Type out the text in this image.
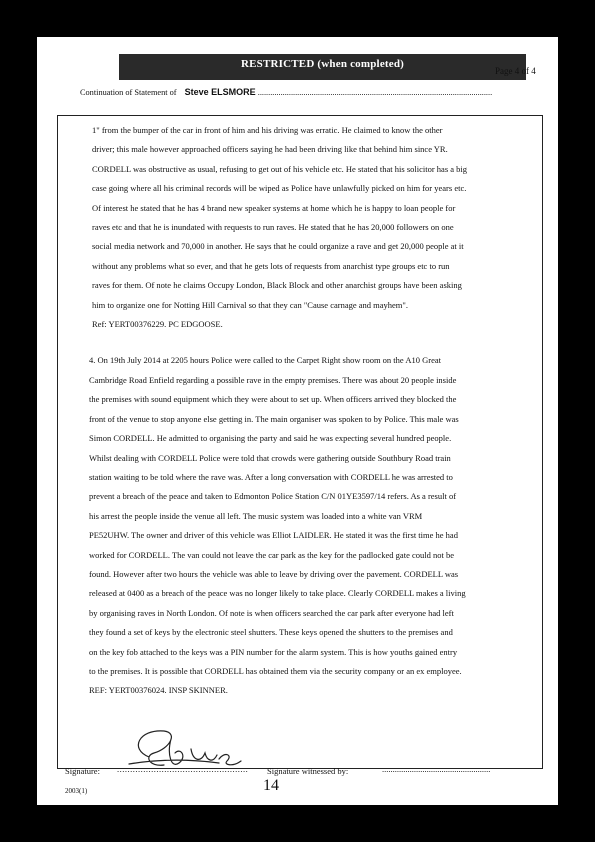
RESTRICTED (when completed)
Page 4 of 4
Continuation of Statement of Steve ELSMORE .................................................................................................................
1" from the bumper of the car in front of him and his driving was erratic. He claimed to know the other
driver; this male however approached officers saying he had been driving like that behind him since YR.
CORDELL was obstructive as usual, refusing to get out of his vehicle etc. He stated that his solicitor has a big
case going where all his criminal records will be wiped as Police have unlawfully picked on him for years etc.
Of interest he stated that he has 4 brand new speaker systems at home which he is happy to loan people for
raves etc and that he is inundated with requests to run raves. He stated that he has 20,000 followers on one
social media network and 70,000 in another. He says that he could organize a rave and get 20,000 people at it
without any problems what so ever, and that he gets lots of requests from anarchist type groups etc to run
raves for them. Of note he claims Occupy London, Black Block and other anarchist groups have been asking
him to organize one for Notting Hill Carnival so that they can "Cause carnage and mayhem".
Ref: YERT00376229. PC EDGOOSE.
4. On 19th July 2014 at 2205 hours Police were called to the Carpet Right show room on the A10 Great
Cambridge Road Enfield regarding a possible rave in the empty premises. There was about 20 people inside
the premises with sound equipment which they were about to set up. When officers arrived they blocked the
front of the venue to stop anyone else getting in. The main organiser was spoken to by Police. This male was
Simon CORDELL. He admitted to organising the party and said he was expecting several hundred people.
Whilst dealing with CORDELL Police were told that crowds were gathering outside Southbury Road train
station waiting to be told where the rave was. After a long conversation with CORDELL he was arrested to
prevent a breach of the peace and taken to Edmonton Police Station C/N 01YE3597/14 refers. As a result of
his arrest the people inside the venue all left. The music system was loaded into a white van VRM
PE52UHW. The owner and driver of this vehicle was Elliot LAIDLER. He stated it was the first time he had
worked for CORDELL. The van could not leave the car park as the key for the padlocked gate could not be
found. However after two hours the vehicle was able to leave by driving over the pavement. CORDELL was
released at 0400 as a breach of the peace was no longer likely to take place. Clearly CORDELL makes a living
by organising raves in North London. Of note is when officers searched the car park after everyone had left
they found a set of keys by the electronic steel shutters. These keys opened the shutters to the premises and
on the key fob attached to the keys was a PIN number for the alarm system. This is how youths gained entry
to the premises. It is possible that CORDELL has obtained them via the security company or an ex employee.
REF: YERT00376024. INSP SKINNER.
Signature: .................................................. Signature witnessed by:	...................................................
14
2003(1)
